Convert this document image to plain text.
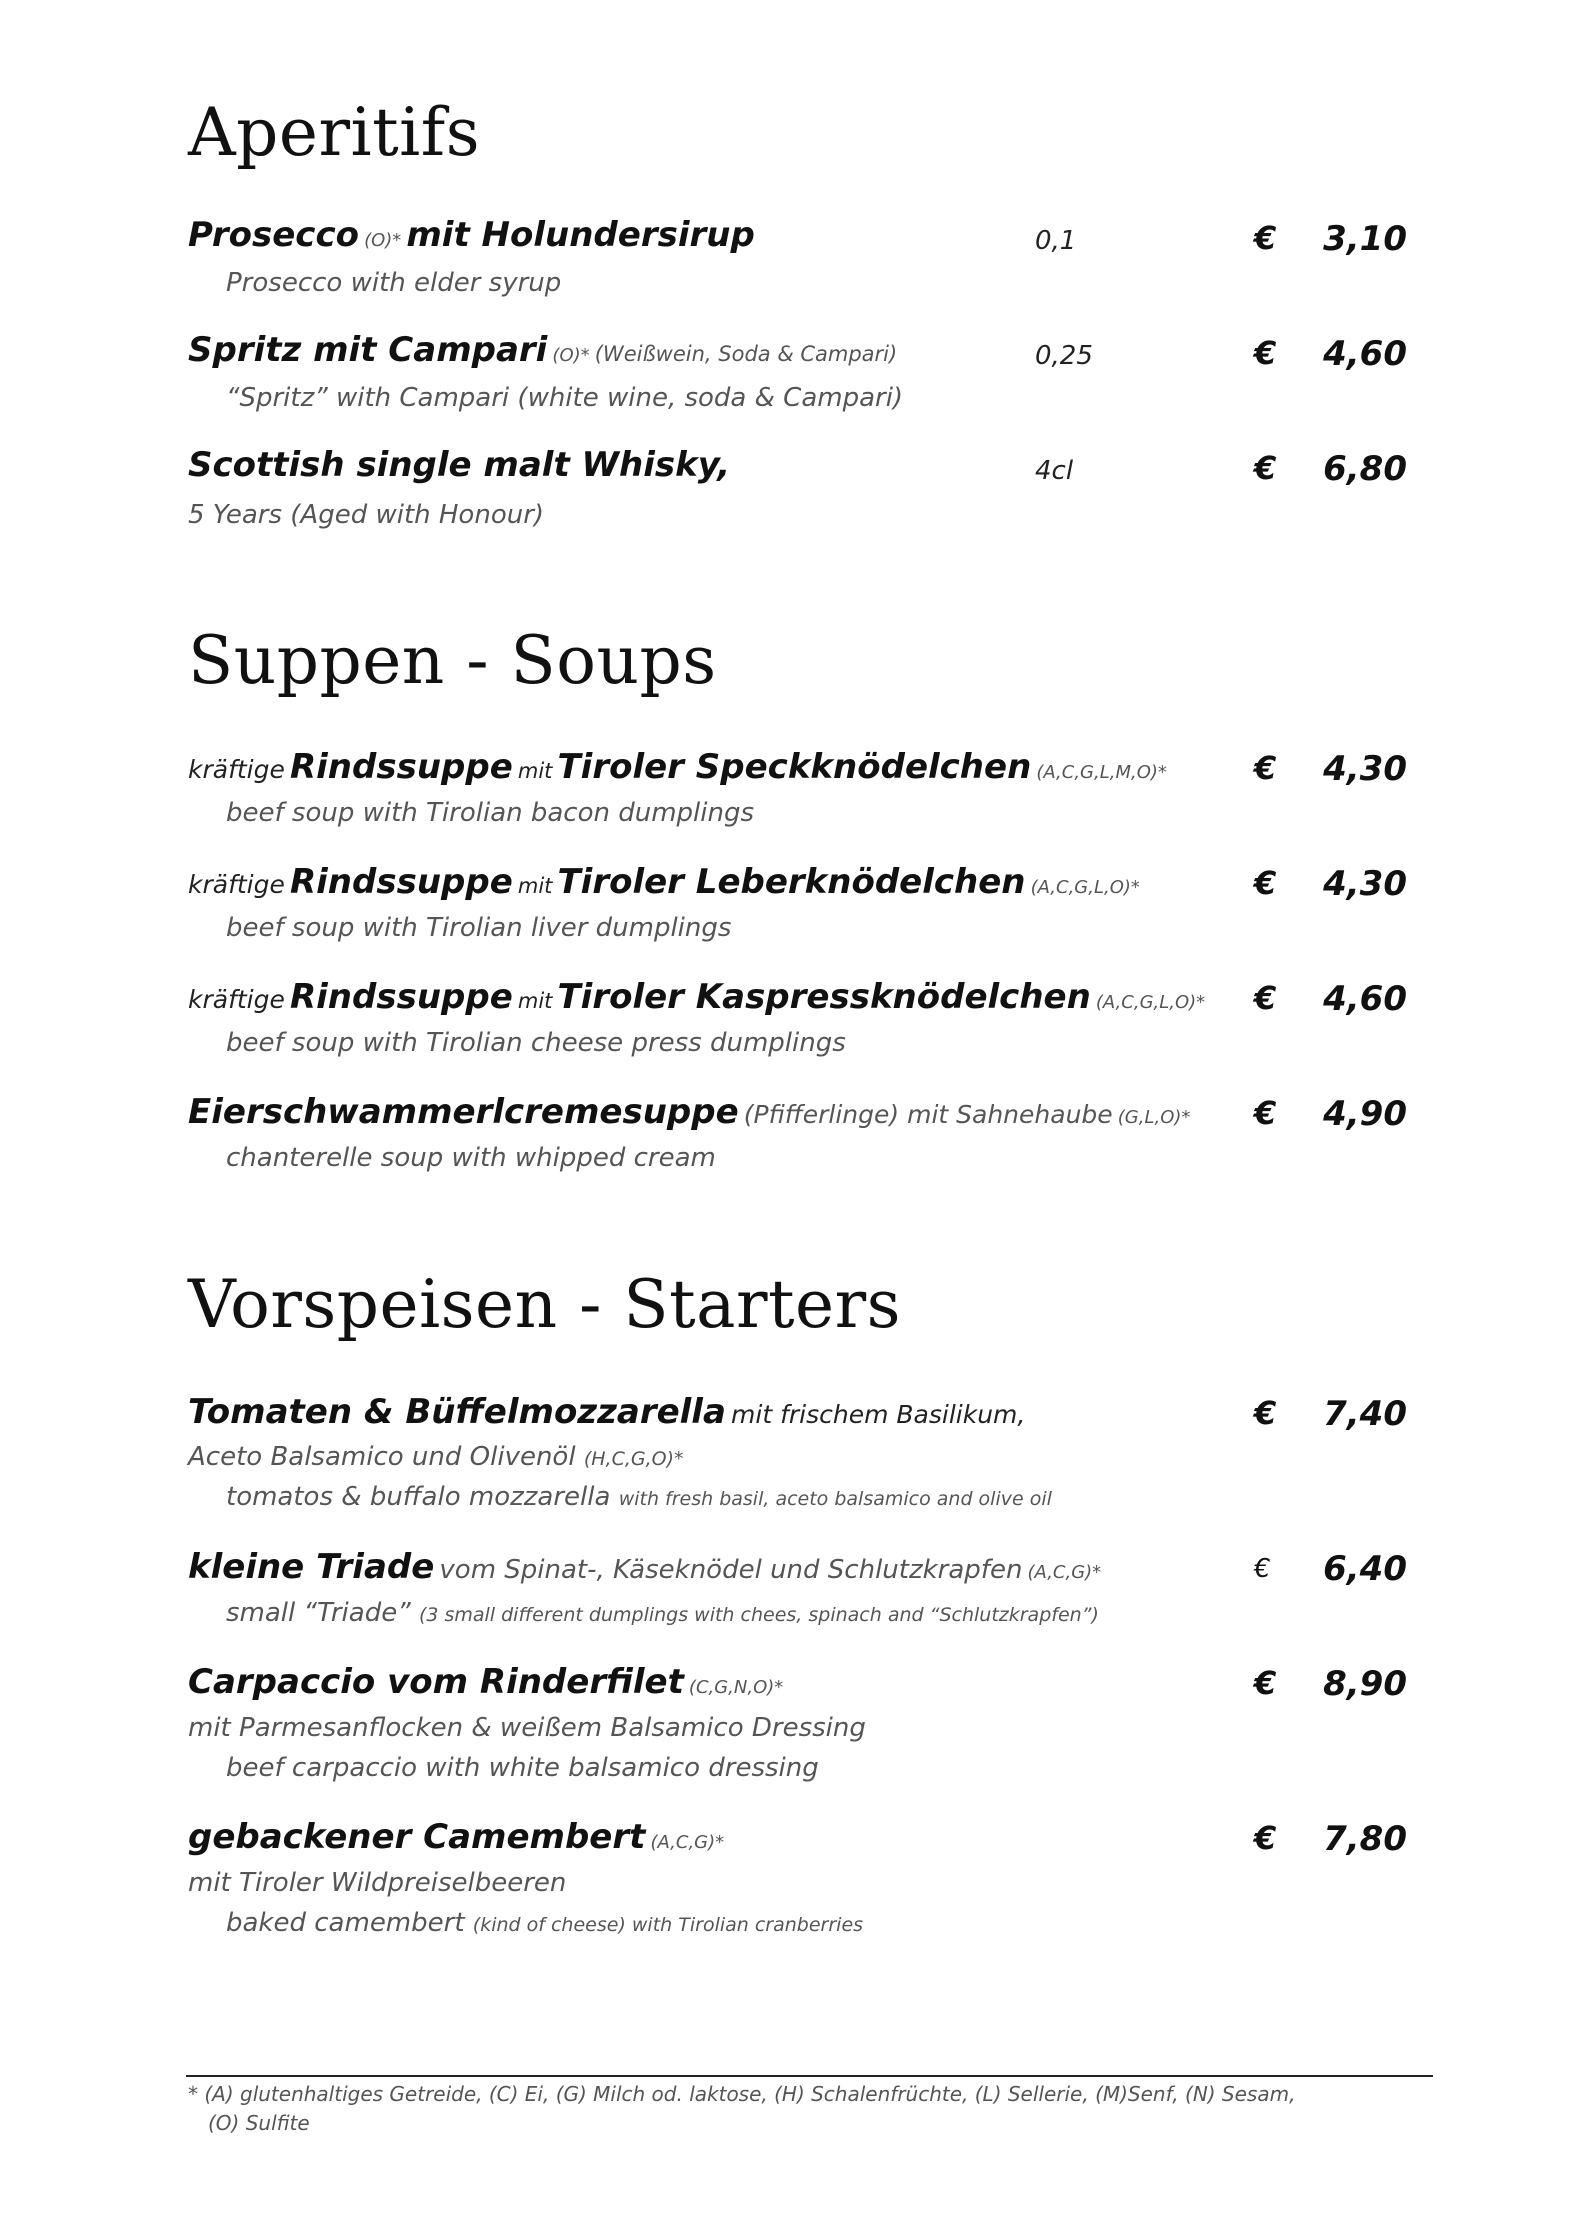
Aperitifs
Prosecco (O)* mit Holundersirup	0,1	€ 3,10
Prosecco with elder syrup
Spritz mit Campari (O)* (Weißwein, Soda & Campari)	0,25	€ 4,60
“Spritz” with Campari (white wine, soda & Campari)
Scottish single malt Whisky,	4cl	€ 6,80
5 Years (Aged with Honour)
Suppen - Soups
kräftige Rindssuppe mit Tiroler Speckknödelchen (A,C,G,L,M,O)*	€ 4,30
beef soup with Tirolian bacon dumplings
kräftige Rindssuppe mit Tiroler Leberknödelchen (A,C,G,L,O)*	€ 4,30
beef soup with Tirolian liver dumplings
kräftige Rindssuppe mit Tiroler Kaspressknödelchen (A,C,G,L,O)* € 4,60
beef soup with Tirolian cheese press dumplings
Eierschwammerlcremesuppe (Pfifferlinge) mit Sahnehaube (G,L,O)* € 4,90
chanterelle soup with whipped cream
Vorspeisen - Starters
Tomaten & Büffelmozzarella mit frischem Basilikum,	€ 7,40
Aceto Balsamico und Olivenöl (H,C,G,O)*
tomatos & buffalo mozzarella with fresh basil, aceto balsamico and olive oil
kleine Triade vom Spinat-, Käseknödel und Schlutzkrapfen (A,C,G)*	€ 6,40
small “Triade” (3 small different dumplings with chees, spinach and “Schlutzkrapfen”)
Carpaccio vom Rinderfilet (C,G,N,O)*	€ 8,90
mit Parmesanflocken & weißem Balsamico Dressing
beef carpaccio with white balsamico dressing
gebackener Camembert (A,C,G)*	€ 7,80
mit Tiroler Wildpreiselbeeren
baked camembert (kind of cheese) with Tirolian cranberries
* (A) glutenhaltiges Getreide, (C) Ei, (G) Milch od. laktose, (H) Schalenfrüchte, (L) Sellerie, (M)Senf, (N) Sesam,
(O) Sulfite
